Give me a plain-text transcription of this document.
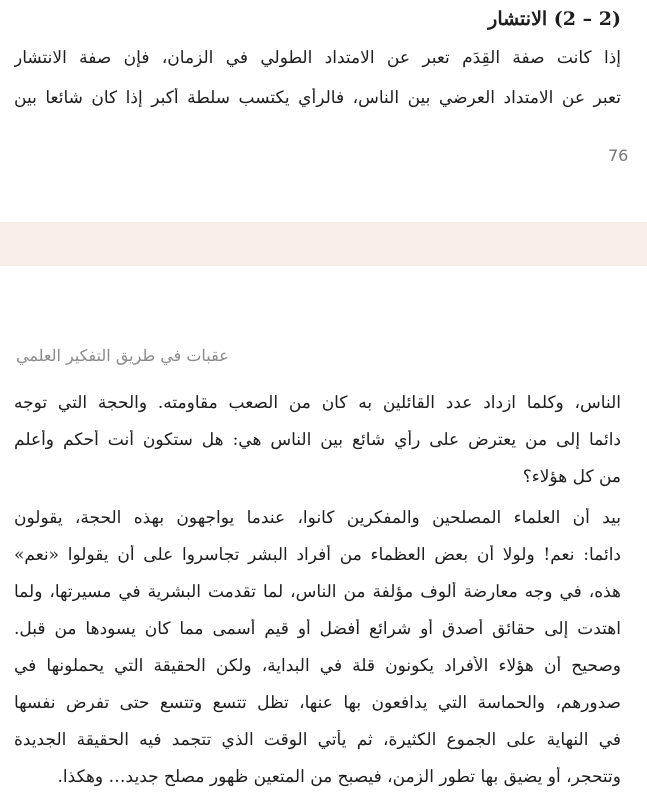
(2 – 2) الانتشار
إذا كانت صفة القِدَم تعبر عن الامتداد الطولي في الزمان، فإن صفة الانتشار
تعبر عن الامتداد العرضي بين الناس، فالرأي يكتسب سلطة أكبر إذا كان شائعا بين
76
عقبات في طريق التفكير العلمي
الناس، وكلما ازداد عدد القائلين به كان من الصعب مقاومته. والحجة التي توجه
دائما إلى من يعترض على رأي شائع بين الناس هي: هل ستكون أنت أحكم وأعلم
من كل هؤلاء؟
بيد أن العلماء المصلحين والمفكرين كانوا، عندما يواجهون بهذه الحجة، يقولون
دائما: نعم! ولولا أن بعض العظماء من أفراد البشر تجاسروا على أن يقولوا «نعم»
هذه، في وجه معارضة ألوف مؤلفة من الناس، لما تقدمت البشرية في مسيرتها، ولما
اهتدت إلى حقائق أصدق أو شرائع أفضل أو قيم أسمى مما كان يسودها من قبل.
وصحيح أن هؤلاء الأفراد يكونون قلة في البداية، ولكن الحقيقة التي يحملونها في
صدورهم، والحماسة التي يدافعون بها عنها، تظل تتسع وتتسع حتى تفرض نفسها
في النهاية على الجموع الكثيرة، ثم يأتي الوقت الذي تتجمد فيه الحقيقة الجديدة
وتتحجر، أو يضيق بها تطور الزمن، فيصبح من المتعين ظهور مصلح جديد… وهكذا.
